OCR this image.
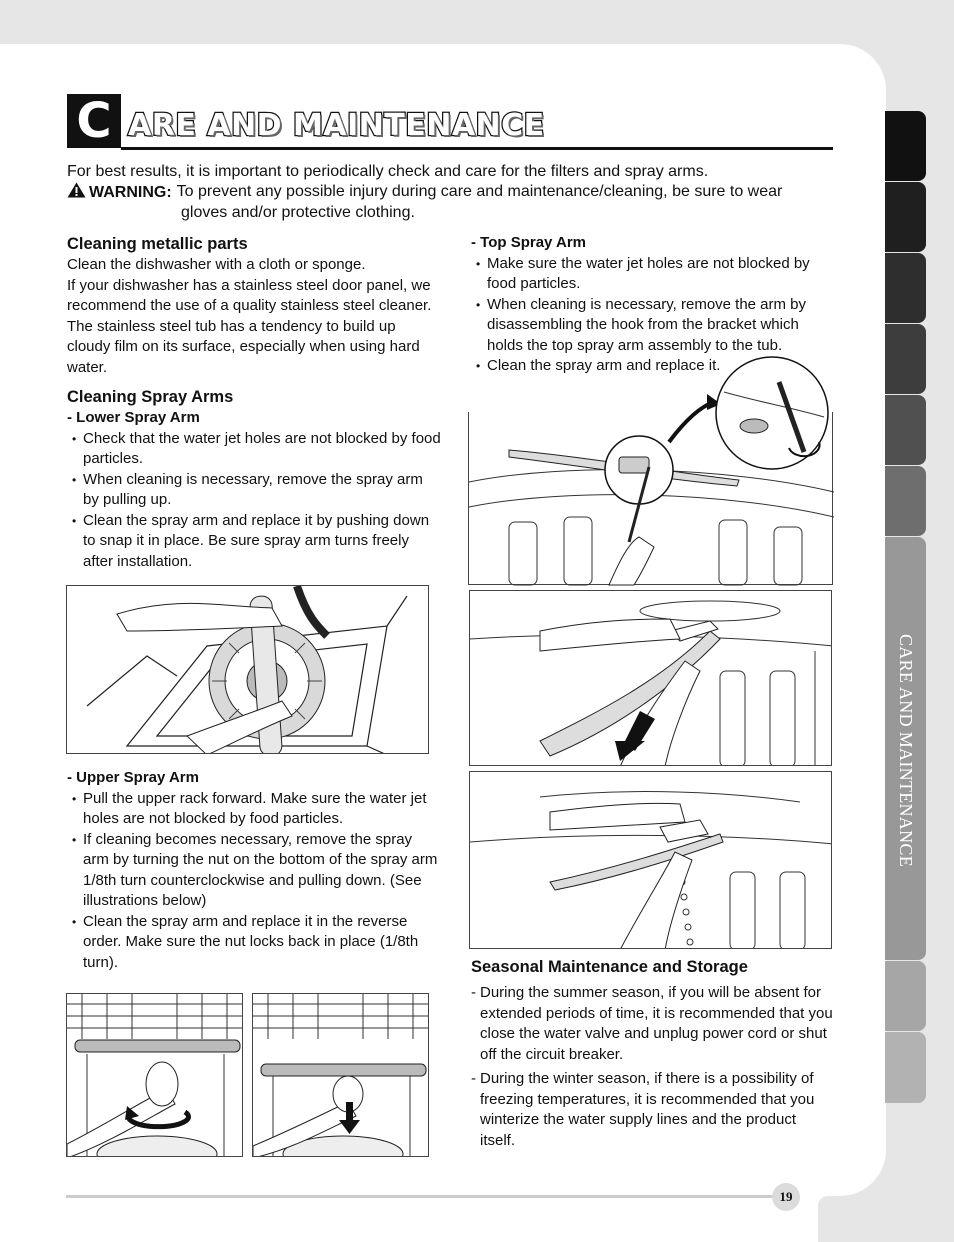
CARE AND MAINTENANCE
C ARE AND MAINTENANCE
For best results, it is important to periodically check and care for the filters and spray arms.
WARNING: To prevent any possible injury during care and maintenance/cleaning, be sure to wear
gloves and/or protective clothing.
Cleaning metallic parts
Clean the dishwasher with a cloth or sponge.
If your dishwasher has a stainless steel door panel, we recommend the use of a quality stainless steel cleaner. The stainless steel tub has a tendency to build up cloudy film on its surface, especially when using hard water.
Cleaning Spray Arms
- Lower Spray Arm
• Check that the water jet holes are not blocked by food particles.
• When cleaning is necessary, remove the spray arm by pulling up.
• Clean the spray arm and replace it by pushing down to snap it in place. Be sure spray arm turns freely after installation.
- Upper Spray Arm
• Pull the upper rack forward. Make sure the water jet holes are not blocked by food particles.
• If cleaning becomes necessary, remove the spray arm by turning the nut on the bottom of the spray arm 1/8th turn counterclockwise and pulling down. (See illustrations below)
• Clean the spray arm and replace it in the reverse order. Make sure the nut locks back in place (1/8th turn).
- Top Spray Arm
• Make sure the water jet holes are not blocked by food particles.
• When cleaning is necessary, remove the arm by disassembling the hook from the bracket which holds the top spray arm assembly to the tub.
• Clean the spray arm and replace it.
Seasonal Maintenance and Storage
- During the summer season, if you will be absent for extended periods of time, it is recommended that you close the water valve and unplug power cord or shut off the circuit breaker.
- During the winter season, if there is a possibility of freezing temperatures, it is recommended that you winterize the water supply lines and the product itself.
19
